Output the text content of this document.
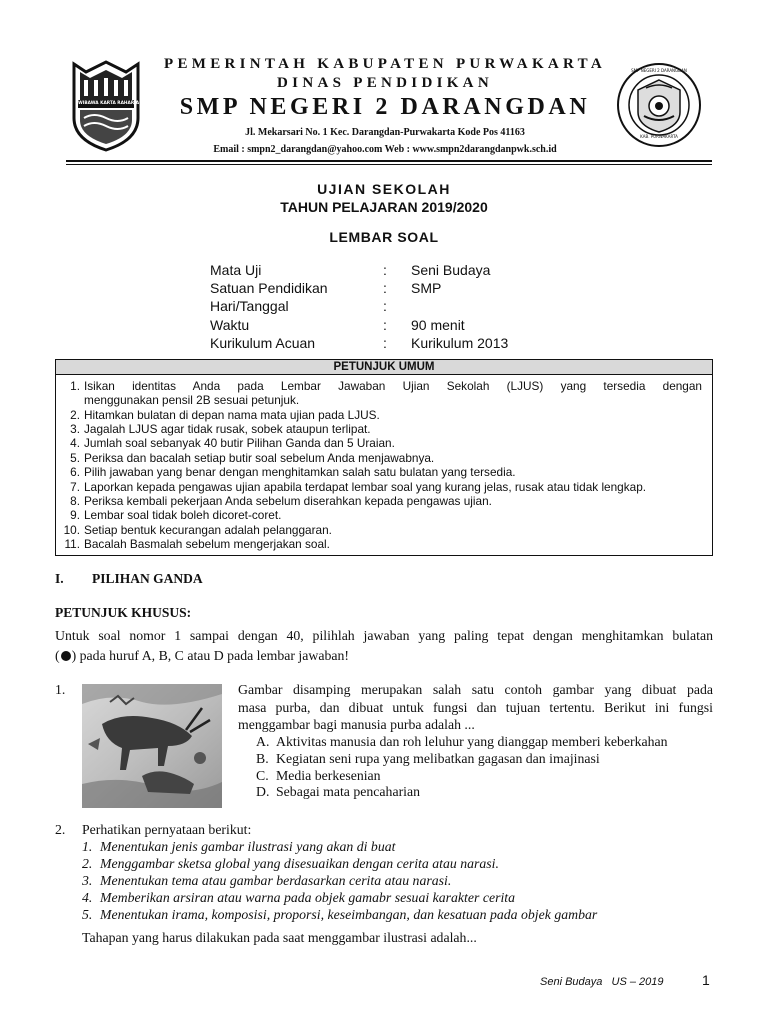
WIBAWA KARTA RAHARJA
SMP NEGERI 2 DARANGDAN
KAB. PURWAKARTA
PEMERINTAH KABUPATEN PURWAKARTA
DINAS PENDIDIKAN
SMP NEGERI 2 DARANGDAN
Jl. Mekarsari No. 1 Kec. Darangdan-Purwakarta Kode Pos 41163
Email : smpn2_darangdan@yahoo.com Web : www.smpn2darangdanpwk.sch.id
UJIAN SEKOLAH
TAHUN PELAJARAN 2019/2020
LEMBAR SOAL
Mata Uji	: Seni Budaya
Satuan Pendidikan	: SMP
Hari/Tanggal	:
Waktu	: 90 menit
Kurikulum Acuan	: Kurikulum 2013
PETUNJUK UMUM
1. Isikan identitas Anda pada Lembar Jawaban Ujian Sekolah (LJUS) yang tersedia dengan
menggunakan pensil 2B sesuai petunjuk.
2. Hitamkan bulatan di depan nama mata ujian pada LJUS.
3. Jagalah LJUS agar tidak rusak, sobek ataupun terlipat.
4. Jumlah soal sebanyak 40 butir Pilihan Ganda dan 5 Uraian.
5. Periksa dan bacalah setiap butir soal sebelum Anda menjawabnya.
6. Pilih jawaban yang benar dengan menghitamkan salah satu bulatan yang tersedia.
7. Laporkan kepada pengawas ujian apabila terdapat lembar soal yang kurang jelas, rusak atau tidak lengkap.
8. Periksa kembali pekerjaan Anda sebelum diserahkan kepada pengawas ujian.
9. Lembar soal tidak boleh dicoret-coret.
10. Setiap bentuk kecurangan adalah pelanggaran.
11. Bacalah Basmalah sebelum mengerjakan soal.
I. PILIHAN GANDA
PETUNJUK KHUSUS:
Untuk soal nomor 1 sampai dengan 40, pilihlah jawaban yang paling tepat dengan menghitamkan bulatan
( ) pada huruf A, B, C atau D pada lembar jawaban!
1.	Gambar disamping merupakan salah satu contoh gambar yang dibuat pada
masa purba, dan dibuat untuk fungsi dan tujuan tertentu. Berikut ini fungsi
menggambar bagi manusia purba adalah ...
A. Aktivitas manusia dan roh leluhur yang dianggap memberi keberkahan
B. Kegiatan seni rupa yang melibatkan gagasan dan imajinasi
C. Media berkesenian
D. Sebagai mata pencaharian
2. Perhatikan pernyataan berikut:
1. Menentukan jenis gambar ilustrasi yang akan di buat
2. Menggambar sketsa global yang disesuaikan dengan cerita atau narasi.
3. Menentukan tema atau gambar berdasarkan cerita atau narasi.
4. Memberikan arsiran atau warna pada objek gamabr sesuai karakter cerita
5. Menentukan irama, komposisi, proporsi, keseimbangan, dan kesatuan pada objek gambar
Tahapan yang harus dilakukan pada saat menggambar ilustrasi adalah...
Seni Budaya   US – 2019	1
